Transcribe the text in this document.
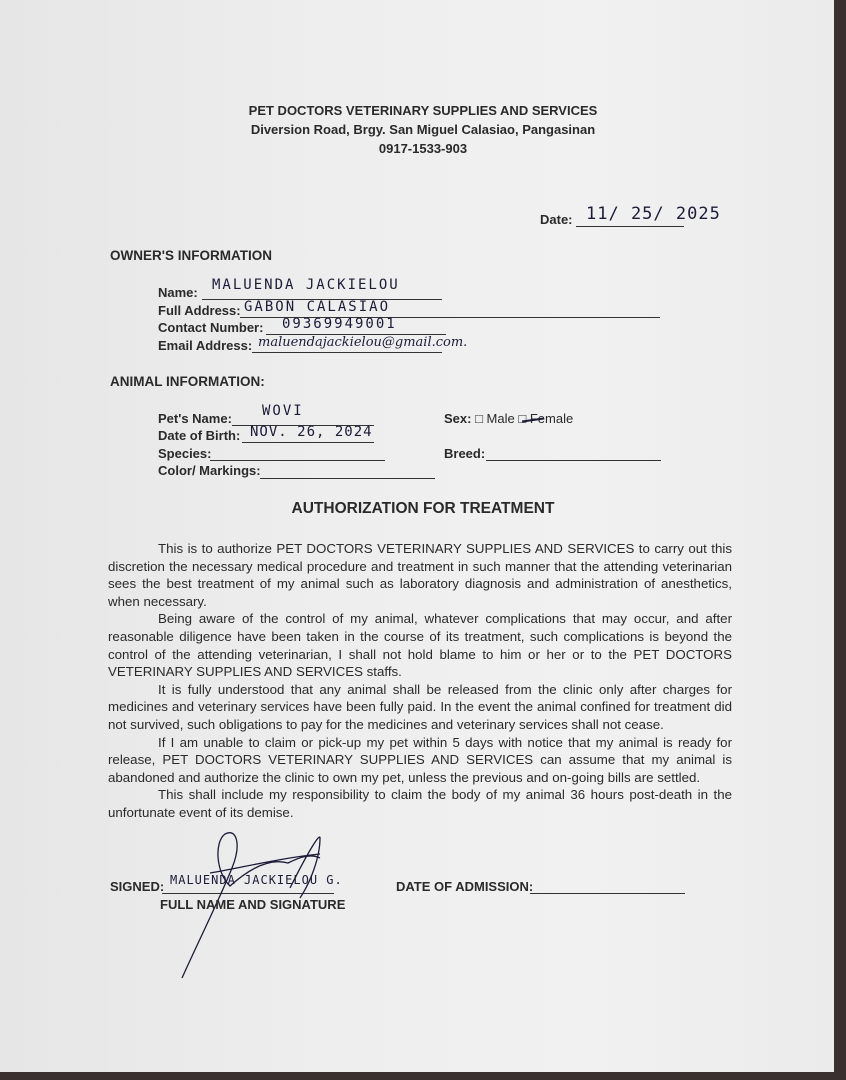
PET DOCTORS VETERINARY SUPPLIES AND SERVICES
Diversion Road, Brgy. San Miguel Calasiao, Pangasinan
0917-1533-903
Date: 11/ 25/ 2025
OWNER'S INFORMATION
Name: MALUENDA JACKIELOU
Full Address: GABON CALASIAO
Contact Number: 09369949001
Email Address: maluendajackielou@gmail.com.
ANIMAL INFORMATION:
Pet's Name: WOVI
Date of Birth: NOV. 26, 2024
Species:
Color/ Markings:
Sex: □ Male □ Female
Breed:
AUTHORIZATION FOR TREATMENT

This is to authorize PET DOCTORS VETERINARY SUPPLIES AND SERVICES to carry out this discretion the necessary medical procedure and treatment in such manner that the attending veterinarian sees the best treatment of my animal such as laboratory diagnosis and administration of anesthetics, when necessary.

Being aware of the control of my animal, whatever complications that may occur, and after reasonable diligence have been taken in the course of its treatment, such complications is beyond the control of the attending veterinarian, I shall not hold blame to him or her or to the PET DOCTORS VETERINARY SUPPLIES AND SERVICES staffs.

It is fully understood that any animal shall be released from the clinic only after charges for medicines and veterinary services have been fully paid. In the event the animal confined for treatment did not survived, such obligations to pay for the medicines and veterinary services shall not cease.

If I am unable to claim or pick-up my pet within 5 days with notice that my animal is ready for release, PET DOCTORS VETERINARY SUPPLIES AND SERVICES can assume that my animal is abandoned and authorize the clinic to own my pet, unless the previous and on-going bills are settled.

This shall include my responsibility to claim the body of my animal 36 hours post-death in the unfortunate event of its demise.

SIGNED: MALUENDA JACKIELOU G.
FULL NAME AND SIGNATURE
DATE OF ADMISSION:
